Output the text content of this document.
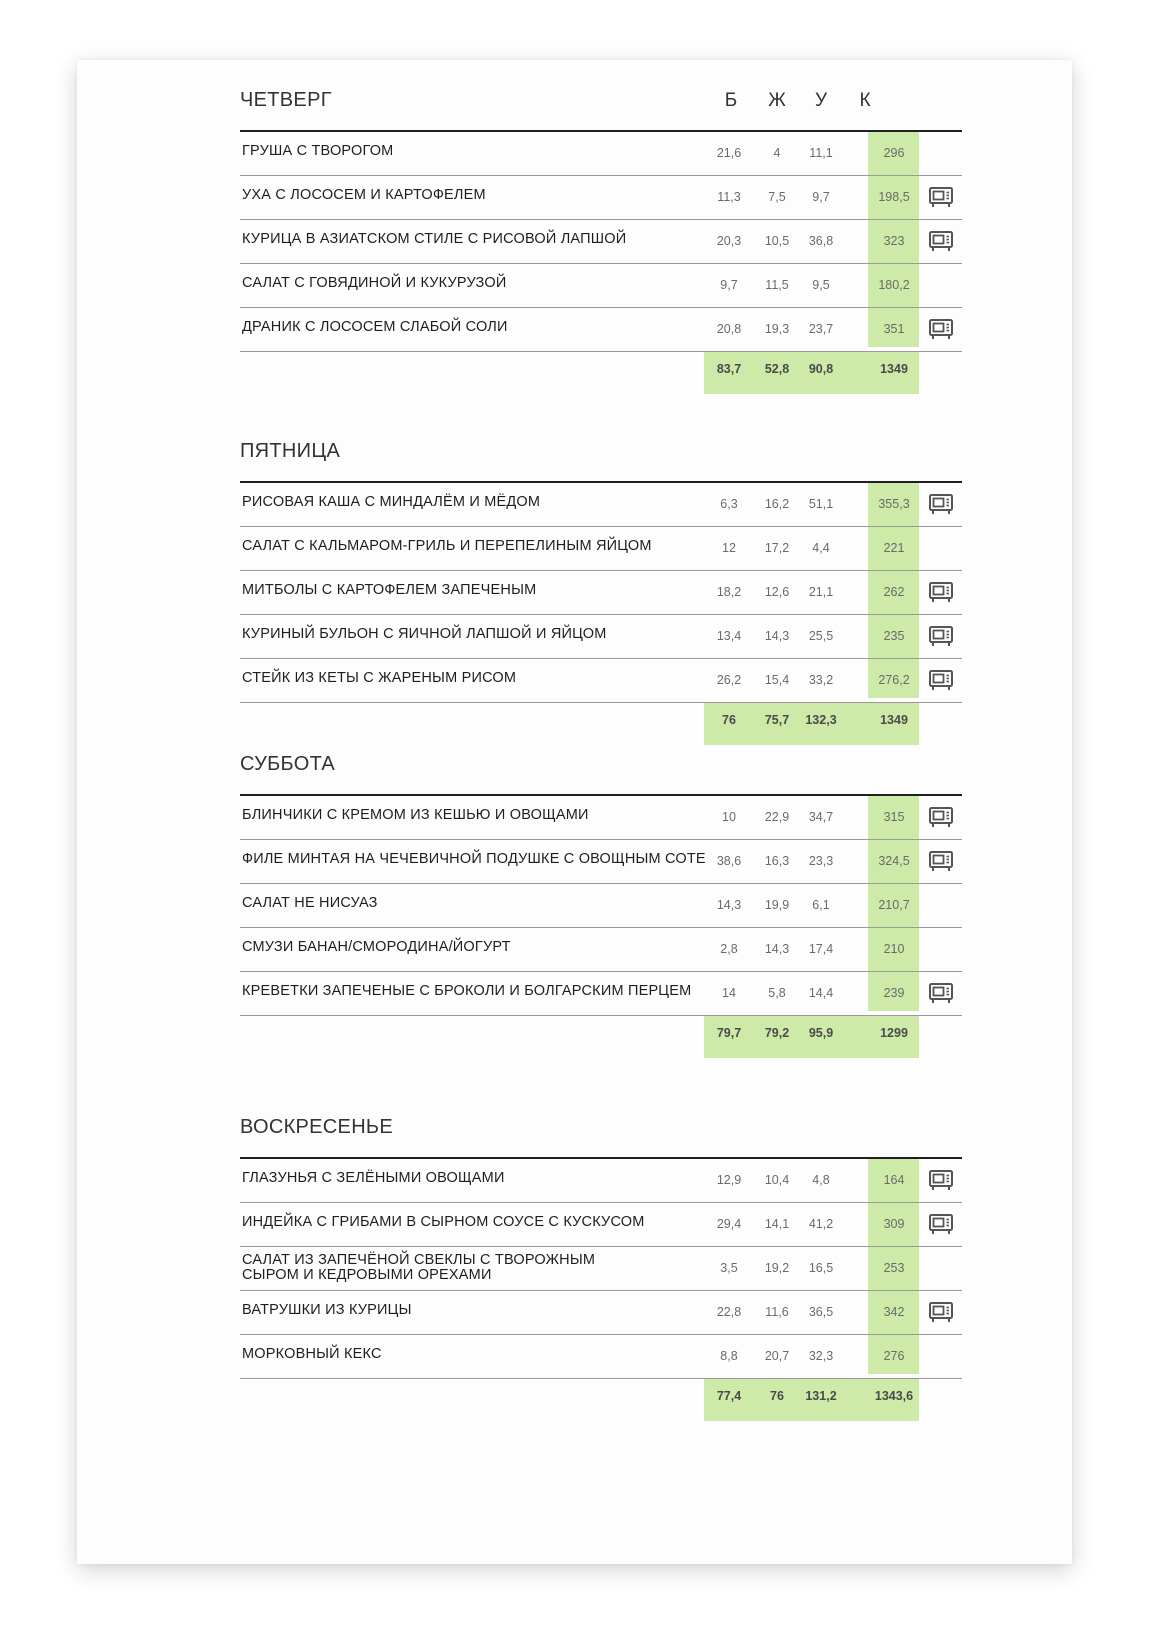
ЧЕТВЕРГ	Б	Ж	У	К
ГРУША С ТВОРОГОМ	21,6	4	11,1	296
УХА С ЛОСОСЕМ И КАРТОФЕЛЕМ	11,3	7,5	9,7	198,5
КУРИЦА В АЗИАТСКОМ СТИЛЕ С РИСОВОЙ ЛАПШОЙ	20,3	10,5	36,8	323
САЛАТ С ГОВЯДИНОЙ И КУКУРУЗОЙ	9,7	11,5	9,5	180,2
ДРАНИК С ЛОСОСЕМ СЛАБОЙ СОЛИ	20,8	19,3	23,7	351
83,7	52,8	90,8	1349
ПЯТНИЦА
РИСОВАЯ КАША С МИНДАЛЁМ И МЁДОМ	6,3	16,2	51,1	355,3
САЛАТ С КАЛЬМАРОМ-ГРИЛЬ И ПЕРЕПЕЛИНЫМ ЯЙЦОМ	12	17,2	4,4	221
МИТБОЛЫ С КАРТОФЕЛЕМ ЗАПЕЧЕНЫМ	18,2	12,6	21,1	262
КУРИНЫЙ БУЛЬОН С ЯИЧНОЙ ЛАПШОЙ И ЯЙЦОМ	13,4	14,3	25,5	235
СТЕЙК ИЗ КЕТЫ С ЖАРЕНЫМ РИСОМ	26,2	15,4	33,2	276,2
76	75,7	132,3	1349
СУББОТА
БЛИНЧИКИ С КРЕМОМ ИЗ КЕШЬЮ И ОВОЩАМИ	10	22,9	34,7	315
ФИЛЕ МИНТАЯ НА ЧЕЧЕВИЧНОЙ ПОДУШКЕ С ОВОЩНЫМ СОТЕ 38,6	16,3	23,3	324,5
САЛАТ НЕ НИСУАЗ	14,3	19,9	6,1	210,7
СМУЗИ БАНАН/СМОРОДИНА/ЙОГУРТ	2,8	14,3	17,4	210
КРЕВЕТКИ ЗАПЕЧЕНЫЕ С БРОКОЛИ И БОЛГАРСКИМ ПЕРЦЕМ	14	5,8	14,4	239
79,7	79,2	95,9	1299
ВОСКРЕСЕНЬЕ
ГЛАЗУНЬЯ С ЗЕЛЁНЫМИ ОВОЩАМИ	12,9	10,4	4,8	164
ИНДЕЙКА С ГРИБАМИ В СЫРНОМ СОУСЕ С КУСКУСОМ	29,4	14,1	41,2	309
САЛАТ ИЗ ЗАПЕЧЁНОЙ СВЕКЛЫ С ТВОРОЖНЫМ СЫРОМ И КЕДРОВЫМИ ОРЕХАМИ	3,5	19,2	16,5	253
ВАТРУШКИ ИЗ КУРИЦЫ	22,8	11,6	36,5	342
МОРКОВНЫЙ КЕКС	8,8	20,7	32,3	276
77,4	76	131,2	1343,6
